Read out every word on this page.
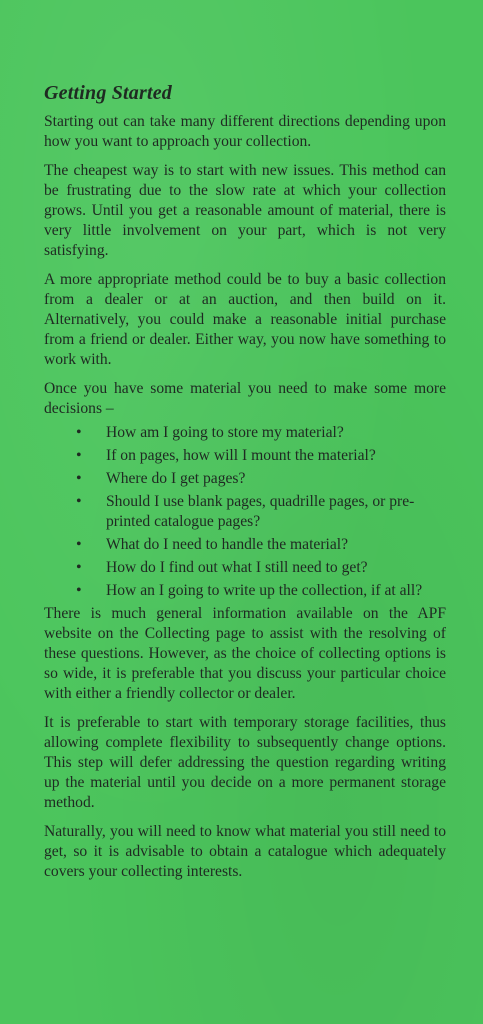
Getting Started

Starting out can take many different directions depending upon how you want to approach your collection.

The cheapest way is to start with new issues. This method can be frustrating due to the slow rate at which your collection grows. Until you get a reasonable amount of material, there is very little involvement on your part, which is not very satisfying.

A more appropriate method could be to buy a basic collection from a dealer or at an auction, and then build on it. Alternatively, you could make a reasonable initial purchase from a friend or dealer. Either way, you now have something to work with.

Once you have some material you need to make some more decisions –

• How am I going to store my material?
• If on pages, how will I mount the material?
• Where do I get pages?
• Should I use blank pages, quadrille pages, or pre-printed catalogue pages?
• What do I need to handle the material?
• How do I find out what I still need to get?
• How an I going to write up the collection, if at all?

There is much general information available on the APF website on the Collecting page to assist with the resolving of these questions. However, as the choice of collecting options is so wide, it is preferable that you discuss your particular choice with either a friendly collector or dealer.

It is preferable to start with temporary storage facilities, thus allowing complete flexibility to subsequently change options. This step will defer addressing the question regarding writing up the material until you decide on a more permanent storage method.

Naturally, you will need to know what material you still need to get, so it is advisable to obtain a catalogue which adequately covers your collecting interests.
